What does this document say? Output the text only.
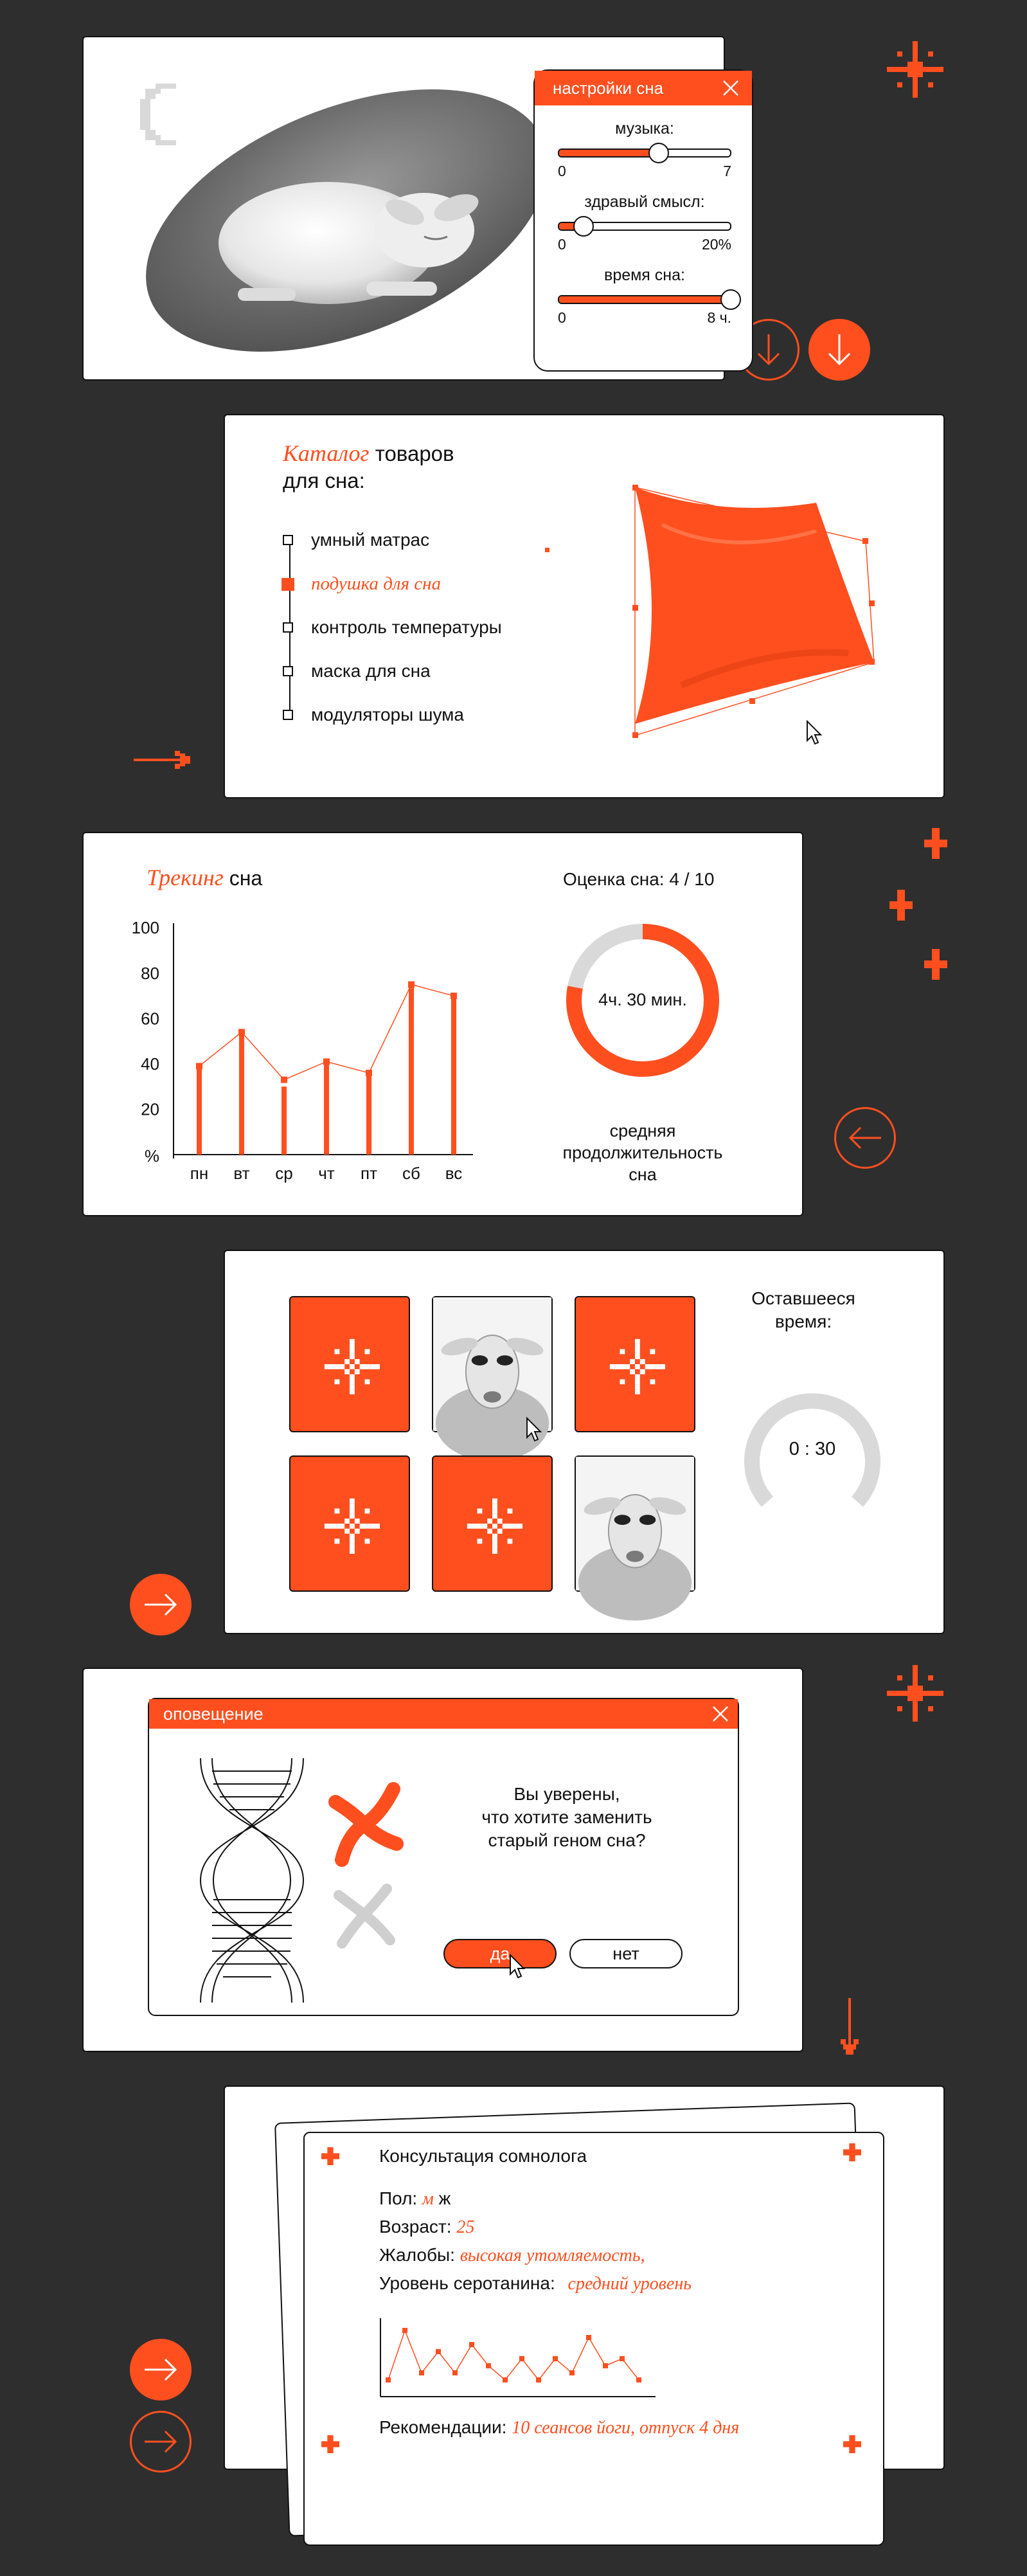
настройки сна
музыка:
0	7
здравый смысл:
0	20%
время сна:
0	8 ч.
Каталог товаров
для сна:
умный матрас
подушка для сна
контроль температуры
маска для сна
модуляторы шума
Трекинг сна
100
80
60
40
20
%
пн вт ср чт пт сб вс
Оценка сна: 4 / 10
4ч. 30 мин.
средняя
продолжительность
сна
Оставшееся
время:
0 : 30
оповещение
Вы уверены,
что хотите заменить
старый геном сна?
да	нет
Консультация сомнолога
Пол: м ж
Возраст: 25
Жалобы: высокая утомляемость,
Уровень серотанина: средний уровень
Рекомендации: 10 сеансов йоги, отпуск 4 дня
